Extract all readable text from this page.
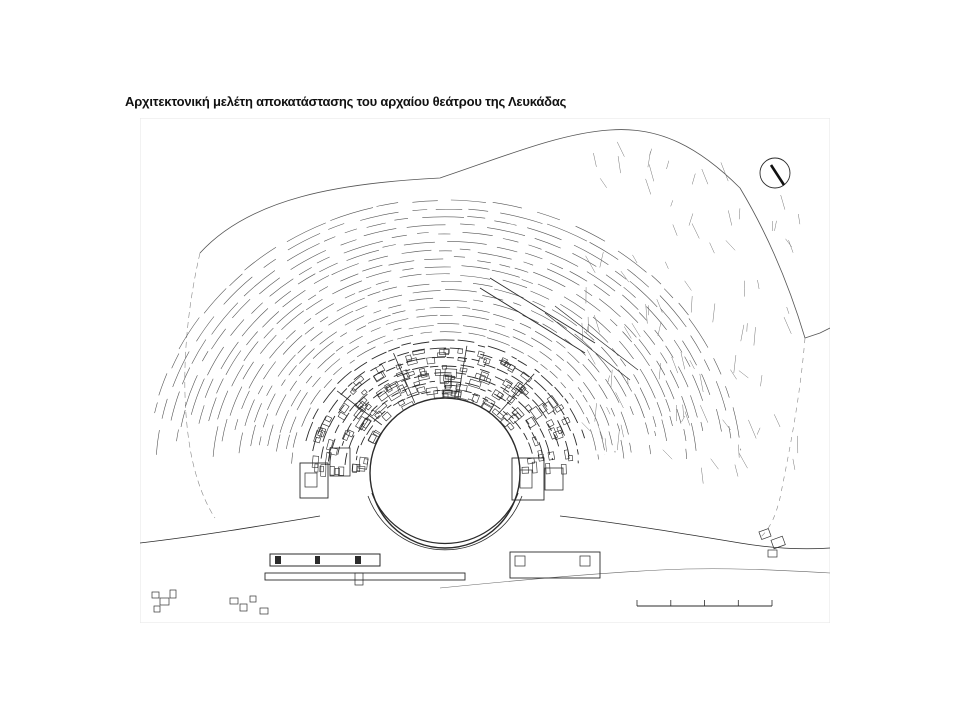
Αρχιτεκτονική μελέτη αποκατάστασης του αρχαίου θεάτρου της Λευκάδας
